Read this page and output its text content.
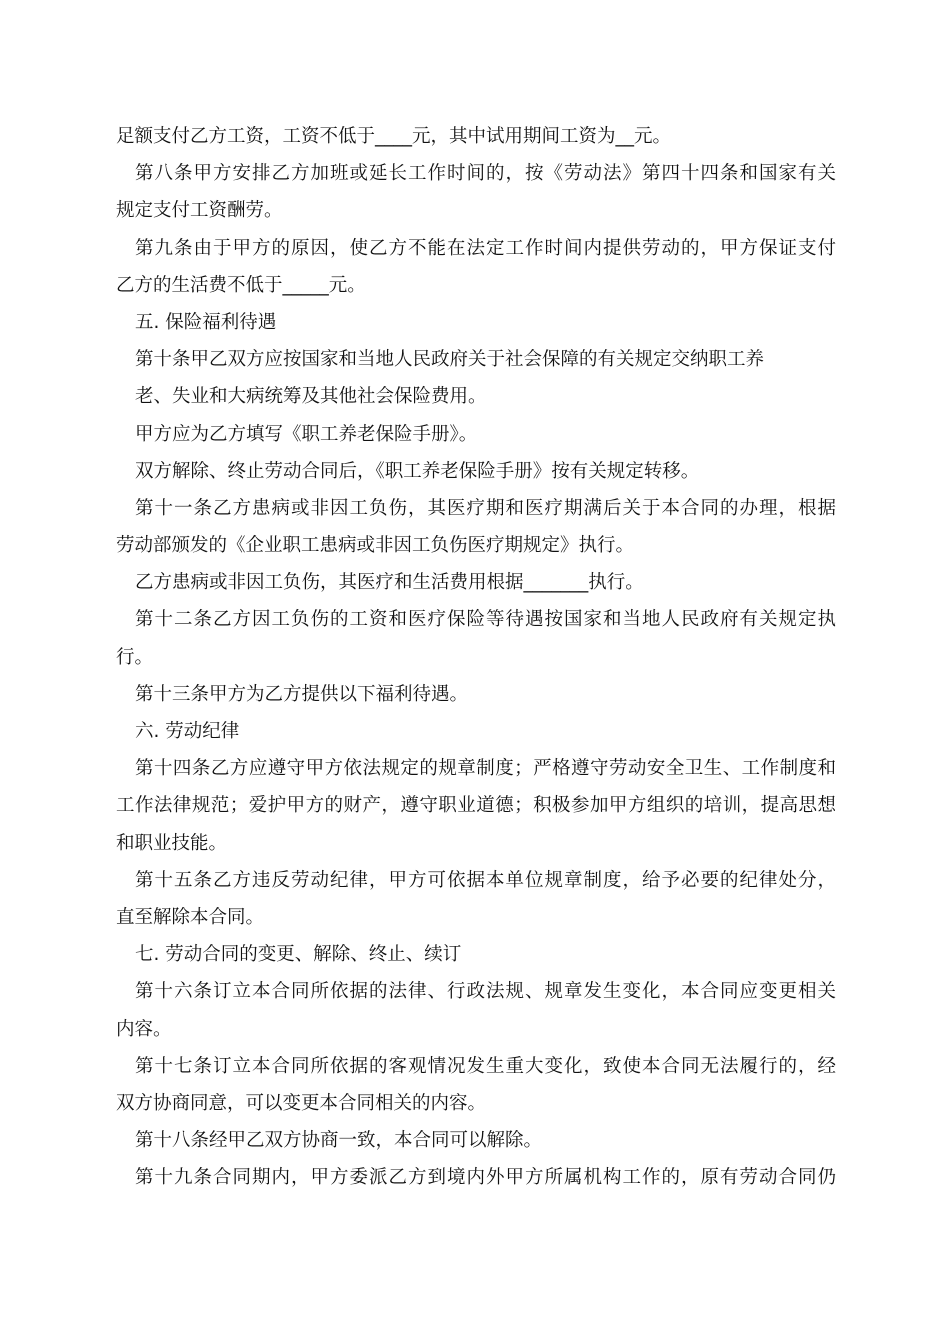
足额支付乙方工资，工资不低于____元，其中试用期间工资为__元。
第八条甲方安排乙方加班或延长工作时间的，按《劳动法》第四十四条和国家有关
规定支付工资酬劳。
第九条由于甲方的原因，使乙方不能在法定工作时间内提供劳动的，甲方保证支付
乙方的生活费不低于_____元。
五. 保险福利待遇
第十条甲乙双方应按国家和当地人民政府关于社会保障的有关规定交纳职工养
老、失业和大病统筹及其他社会保险费用。
甲方应为乙方填写《职工养老保险手册》。
双方解除、终止劳动合同后，《职工养老保险手册》按有关规定转移。
第十一条乙方患病或非因工负伤，其医疗期和医疗期满后关于本合同的办理，根据
劳动部颁发的《企业职工患病或非因工负伤医疗期规定》执行。
乙方患病或非因工负伤，其医疗和生活费用根据_______执行。
第十二条乙方因工负伤的工资和医疗保险等待遇按国家和当地人民政府有关规定执
行。
第十三条甲方为乙方提供以下福利待遇。
六. 劳动纪律
第十四条乙方应遵守甲方依法规定的规章制度；严格遵守劳动安全卫生、工作制度和
工作法律规范；爱护甲方的财产，遵守职业道德；积极参加甲方组织的培训，提高思想
和职业技能。
第十五条乙方违反劳动纪律，甲方可依据本单位规章制度，给予必要的纪律处分，
直至解除本合同。
七. 劳动合同的变更、解除、终止、续订
第十六条订立本合同所依据的法律、行政法规、规章发生变化，本合同应变更相关
内容。
第十七条订立本合同所依据的客观情况发生重大变化，致使本合同无法履行的，经
双方协商同意，可以变更本合同相关的内容。
第十八条经甲乙双方协商一致，本合同可以解除。
第十九条合同期内，甲方委派乙方到境内外甲方所属机构工作的，原有劳动合同仍
